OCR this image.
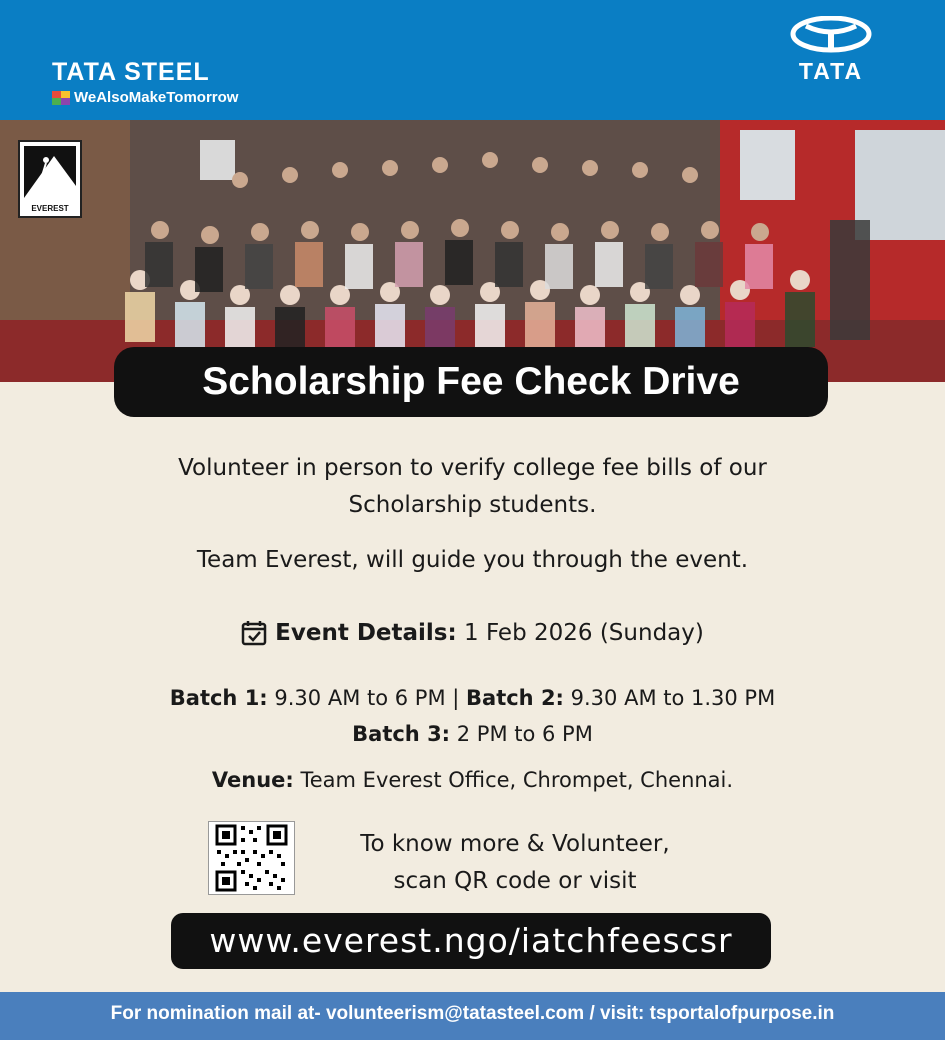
TATA STEEL
WeAlsoMakeTomorrow
TATA
EVEREST
Scholarship Fee Check Drive
Volunteer in person to verify college fee bills of our
Scholarship students.
Team Everest, will guide you through the event.
Event Details: 1 Feb 2026 (Sunday)
Batch 1: 9.30 AM to 6 PM | Batch 2: 9.30 AM to 1.30 PM
Batch 3: 2 PM to 6 PM
Venue: Team Everest Office, Chrompet, Chennai.
To know more & Volunteer,
scan QR code or visit
www.everest.ngo/iatchfeescsr
For nomination mail at- volunteerism@tatasteel.com / visit: tsportalofpurpose.in
